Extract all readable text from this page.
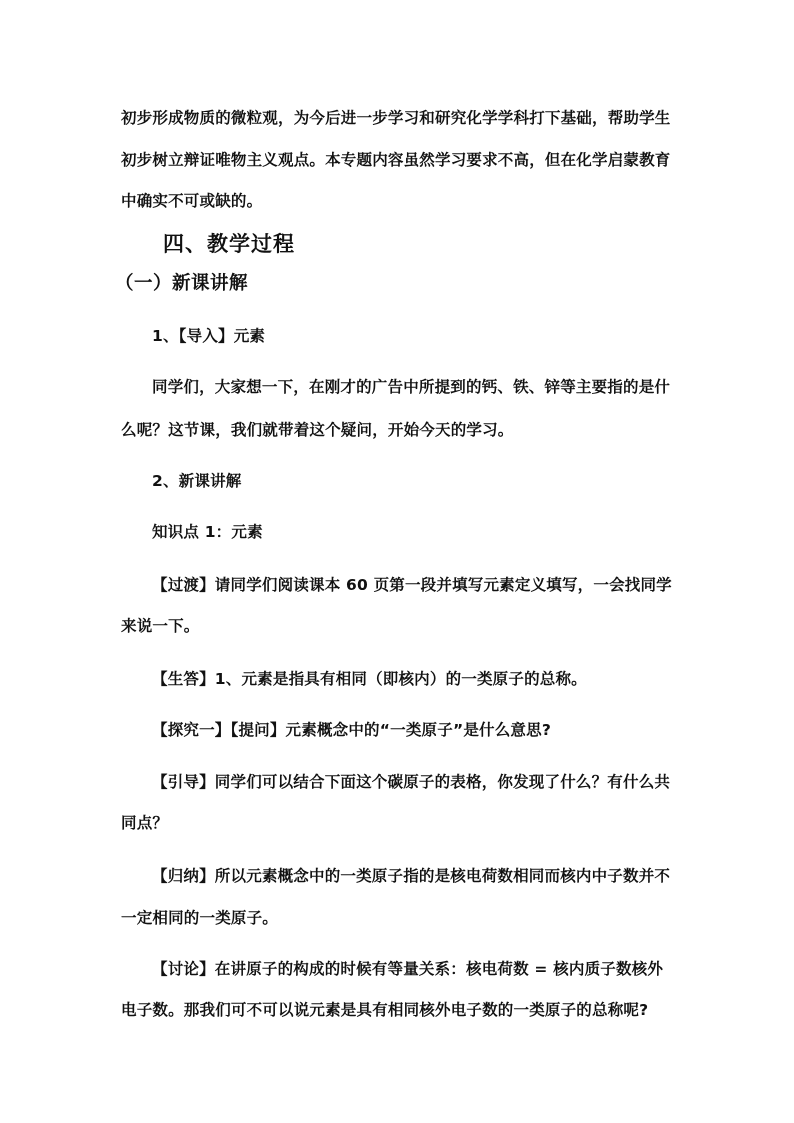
初步形成物质的微粒观，为今后进一步学习和研究化学学科打下基础，帮助学生
初步树立辩证唯物主义观点。本专题内容虽然学习要求不高，但在化学启蒙教育
中确实不可或缺的。
四、教学过程
（一）新课讲解
1、【导入】元素
同学们，大家想一下，在刚才的广告中所提到的钙、铁、锌等主要指的是什
么呢？这节课，我们就带着这个疑问，开始今天的学习。
2、新课讲解
知识点 1：元素
【过渡】请同学们阅读课本 60 页第一段并填写元素定义填写，一会找同学
来说一下。
【生答】1、元素是指具有相同（即核内）的一类原子的总称。
【探究一】【提问】元素概念中的“一类原子”是什么意思?
【引导】同学们可以结合下面这个碳原子的表格，你发现了什么？有什么共
同点？
【归纳】所以元素概念中的一类原子指的是核电荷数相同而核内中子数并不
一定相同的一类原子。
【讨论】在讲原子的构成的时候有等量关系：核电荷数 = 核内质子数核外
电子数。那我们可不可以说元素是具有相同核外电子数的一类原子的总称呢?
